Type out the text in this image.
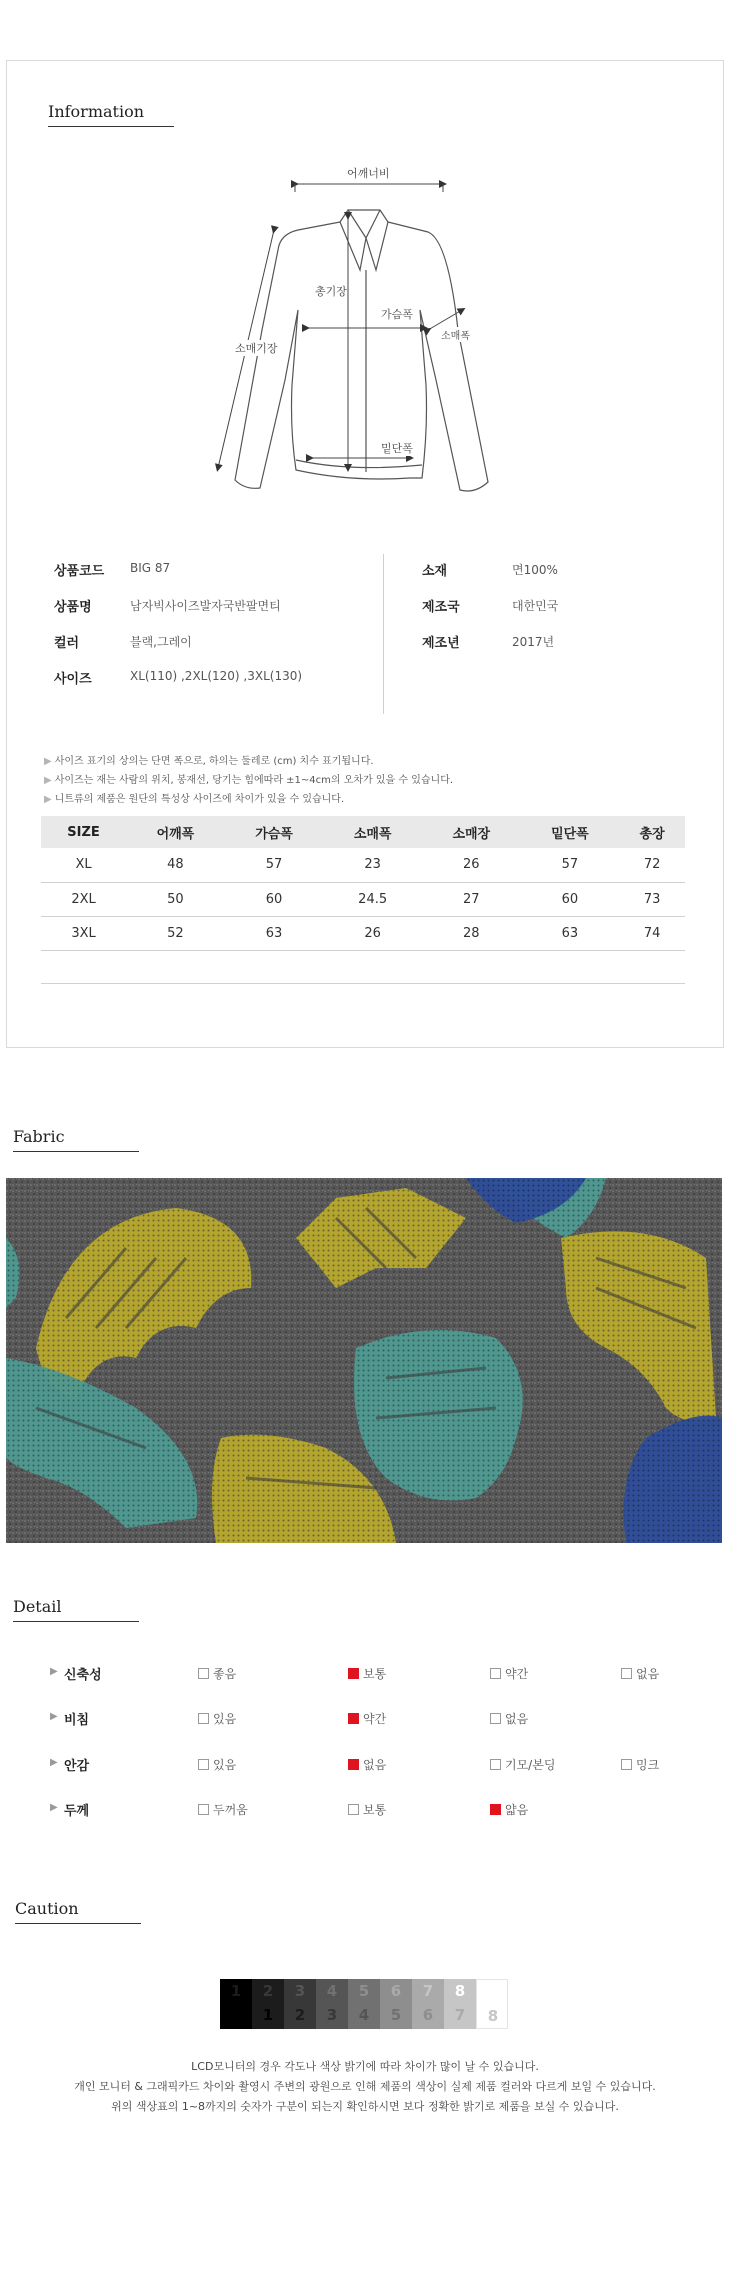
Information
어깨너비
총기장
가슴폭
소매폭
소매기장
밑단폭
상품코드 BIG 87
상품명	남자빅사이즈발자국반팔면티
컬러	블랙,그레이
사이즈	XL(110) ,2XL(120) ,3XL(130)
소재	면100%
제조국	대한민국
제조년	2017년
▶ 사이즈 표기의 상의는 단면 폭으로, 하의는 둘레로 (cm) 치수 표기됩니다.
▶ 사이즈는 재는 사람의 위치, 봉재선, 당기는 힘에따라 ±1~4cm의 오차가 있을 수 있습니다.
▶ 니트류의 제품은 원단의 특성상 사이즈에 차이가 있을 수 있습니다.
SIZE	어깨폭	가슴폭	소매폭	소매장	밑단폭	총장
XL	48	57	23	26	57	72
2XL	50	60	24.5	27	60	73
3XL	52	63	26	28	63	74
Fabric
Detail
▶ 신축성	좋음	보통	약간	없음
▶ 비침	있음	약간	없음
▶ 안감	있음	없음	기모/본딩	밍크
▶ 두께	두꺼움	보통	얇음
Caution
1	2
1
3
2
4
3
5
4
6
5
7
6
8
7	8
LCD모니터의 경우 각도나 색상 밝기에 따라 차이가 많이 날 수 있습니다.
개인 모니터 & 그래픽카드 차이와 촬영시 주변의 광원으로 인해 제품의 색상이 실제 제품 컬러와 다르게 보일 수 있습니다.
위의 색상표의 1~8까지의 숫자가 구분이 되는지 확인하시면 보다 정확한 밝기로 제품을 보실 수 있습니다.
